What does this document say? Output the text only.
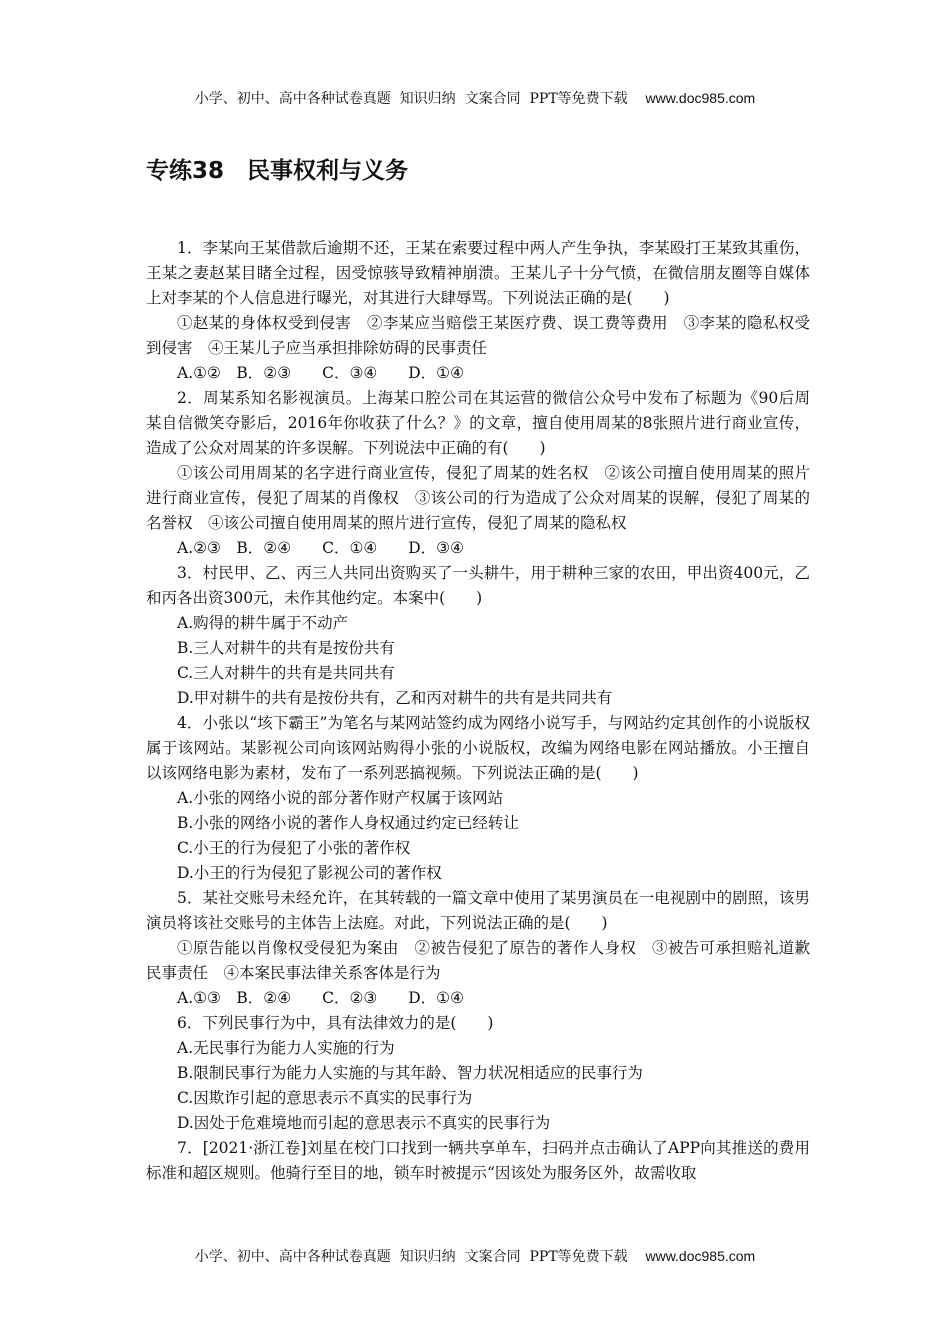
小学、初中、高中各种试卷真题  知识归纳  文案合同  PPT等免费下载 www.doc985.com
专练38　民事权利与义务

1．李某向王某借款后逾期不还，王某在索要过程中两人产生争执，李某殴打王某致其重伤，王某之妻赵某目睹全过程，因受惊骇导致精神崩溃。王某儿子十分气愤，在微信朋友圈等自媒体上对李某的个人信息进行曝光，对其进行大肆辱骂。下列说法正确的是(　　)

①赵某的身体权受到侵害　②李某应当赔偿王某医疗费、误工费等费用　③李某的隐私权受到侵害　④王某儿子应当承担排除妨碍的民事责任

A.①②　B．②③　　C．③④　　D．①④

2．周某系知名影视演员。上海某口腔公司在其运营的微信公众号中发布了标题为《90后周某自信微笑夺影后，2016年你收获了什么？》的文章，擅自使用周某的8张照片进行商业宣传，造成了公众对周某的许多误解。下列说法中正确的有(　　)

①该公司用周某的名字进行商业宣传，侵犯了周某的姓名权　②该公司擅自使用周某的照片进行商业宣传，侵犯了周某的肖像权　③该公司的行为造成了公众对周某的误解，侵犯了周某的名誉权　④该公司擅自使用周某的照片进行宣传，侵犯了周某的隐私权

A.②③　B．②④　　C．①④　　D．③④

3．村民甲、乙、丙三人共同出资购买了一头耕牛，用于耕种三家的农田，甲出资400元，乙和丙各出资300元，未作其他约定。本案中(　　)

A.购得的耕牛属于不动产

B.三人对耕牛的共有是按份共有

C.三人对耕牛的共有是共同共有

D.甲对耕牛的共有是按份共有，乙和丙对耕牛的共有是共同共有

4．小张以“垓下霸王”为笔名与某网站签约成为网络小说写手，与网站约定其创作的小说版权属于该网站。某影视公司向该网站购得小张的小说版权，改编为网络电影在网站播放。小王擅自以该网络电影为素材，发布了一系列恶搞视频。下列说法正确的是(　　)

A.小张的网络小说的部分著作财产权属于该网站

B.小张的网络小说的著作人身权通过约定已经转让

C.小王的行为侵犯了小张的著作权

D.小王的行为侵犯了影视公司的著作权

5．某社交账号未经允许，在其转载的一篇文章中使用了某男演员在一电视剧中的剧照，该男演员将该社交账号的主体告上法庭。对此，下列说法正确的是(　　)

①原告能以肖像权受侵犯为案由　②被告侵犯了原告的著作人身权　③被告可承担赔礼道歉民事责任　④本案民事法律关系客体是行为

A.①③　B．②④　　C．②③　　D．①④

6．下列民事行为中，具有法律效力的是(　　)

A.无民事行为能力人实施的行为

B.限制民事行为能力人实施的与其年龄、智力状况相适应的民事行为

C.因欺诈引起的意思表示不真实的民事行为

D.因处于危难境地而引起的意思表示不真实的民事行为

7．[2021·浙江卷]刘星在校门口找到一辆共享单车，扫码并点击确认了APP向其推送的费用标准和超区规则。他骑行至目的地，锁车时被提示“因该处为服务区外，故需收取

小学、初中、高中各种试卷真题  知识归纳  文案合同  PPT等免费下载 www.doc985.com
